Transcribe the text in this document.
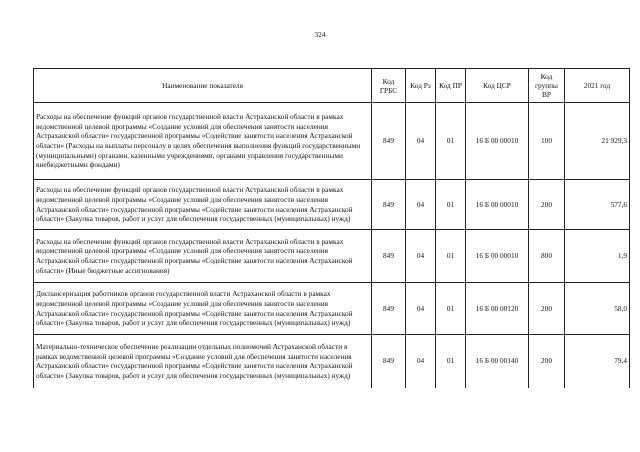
324
Наименование показателя	Код ГРБС	Код Рз	Код ПР	Код ЦСР	Код группы ВР	2021 год
Расходы на обеспечение функций органов государственной власти Астраханской области в рамках ведомственной целевой программы «Создание условий для обеспечения занятости населения Астраханской области» государственной программы «Содействие занятости населения Астраханской области» (Расходы на выплаты персоналу в целях обеспечения выполнения функций государственными (муниципальными) органами, казенными учреждениями, органами управления государственными внебюджетными фондами)	849	04	01	16 Б 00 00010	100	21 929,3
Расходы на обеспечение функций органов государственной власти Астраханской области в рамках ведомственной целевой программы «Создание условий для обеспечения занятости населения Астраханской области» государственной программы «Содействие занятости населения Астраханской области» (Закупка товаров, работ и услуг для обеспечения государственных (муниципальных) нужд)	849	04	01	16 Б 00 00010	200	577,6
Расходы на обеспечение функций органов государственной власти Астраханской области в рамках ведомственной целевой программы «Создание условий для обеспечения занятости населения Астраханской области» государственной программы «Содействие занятости населения Астраханской области» (Иные бюджетные ассигнования)	849	04	01	16 Б 00 00010	800	1,9
Диспансеризация работников органов государственной власти Астраханской области в рамках ведомственной целевой программы «Создание условий для обеспечения занятости населения Астраханской области» государственной программы «Содействие занятости населения Астраханской области» (Закупка товаров, работ и услуг для обеспечения государственных (муниципальных) нужд)	849	04	01	16 Б 00 00120	200	58,0
Материально-техническое обеспечение реализации отдельных полномочий Астраханской области в рамках ведомственной целевой программы «Создание условий для обеспечения занятости населения Астраханской области» государственной программы «Содействие занятости населения Астраханской области» (Закупка товаров, работ и услуг для обеспечения государственных (муниципальных) нужд)	849	04	01	16 Б 00 00140	200	79,4
